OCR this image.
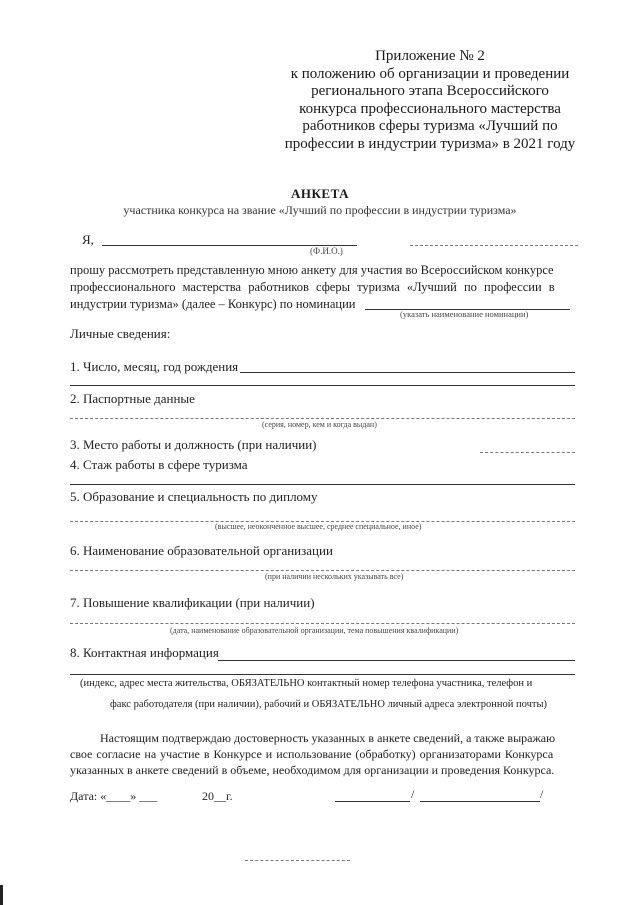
Приложение № 2
к положению об организации и проведении
регионального этапа Всероссийского
конкурса профессионального мастерства
работников сферы туризма «Лучший по
профессии в индустрии туризма» в 2021 году
АНКЕТА
участника конкурса на звание «Лучший по профессии в индустрии туризма»
Я,
(Ф.И.О.)
прошу рассмотреть представленную мною анкету для участия во Всероссийском конкурсе
профессионального мастерства работников сферы туризма «Лучший по профессии в
индустрии туризма» (далее – Конкурс) по номинации
(указать наименование номинации)
Личные сведения:
1. Число, месяц, год рождения
2. Паспортные данные
(серия, номер, кем и когда выдан)
3. Место работы и должность (при наличии)
4. Стаж работы в сфере туризма
5. Образование и специальность по диплому
(высшее, неоконченное высшее, среднее специальное, иное)
6. Наименование образовательной организации
(при наличии нескольких указывать все)
7. Повышение квалификации (при наличии)
(дата, наименование образовательной организации, тема повышения квалификации)
8. Контактная информация
(индекс, адрес места жительства, ОБЯЗАТЕЛЬНО контактный номер телефона участника, телефон и
факс работодателя (при наличии), рабочий и ОБЯЗАТЕЛЬНО личный адреса электронной почты)
Настоящим подтверждаю достоверность указанных в анкете сведений, а также выражаю
свое согласие на участие в Конкурсе и использование (обработку) организаторами Конкурса
указанных в анкете сведений в объеме, необходимом для организации и проведения Конкурса.
Дата: «____» ___	20__г.	/	/
